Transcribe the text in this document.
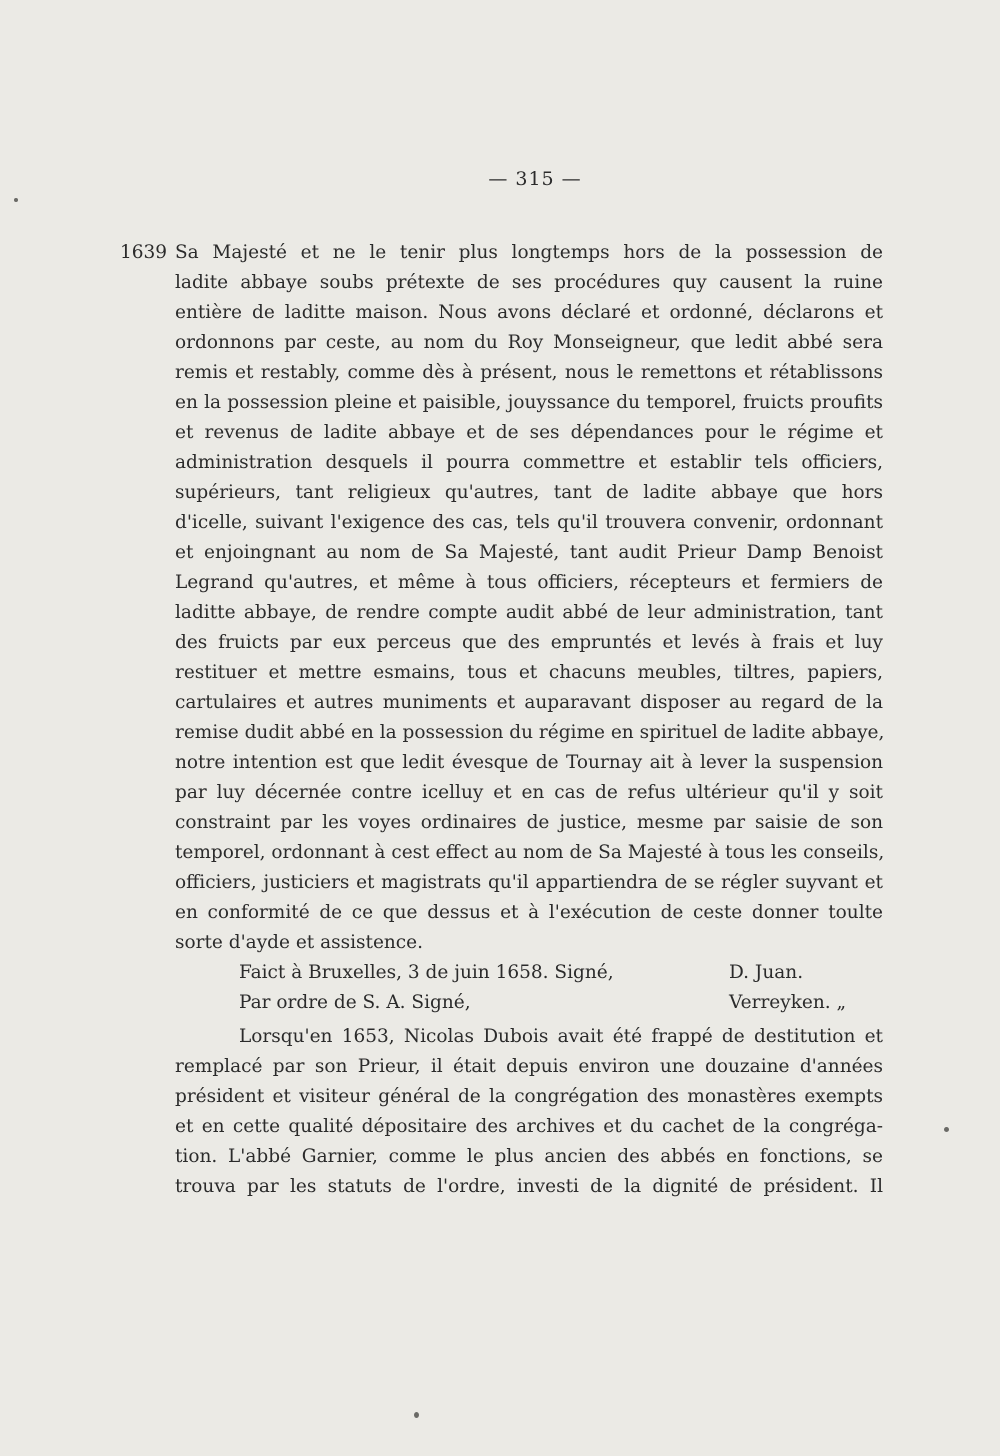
— 315 —
1639 Sa Majesté et ne le tenir plus longtemps hors de la possession de
ladite abbaye soubs prétexte de ses procédures quy causent la ruine
entière de laditte maison. Nous avons déclaré et ordonné, déclarons et
ordonnons par ceste, au nom du Roy Monseigneur, que ledit abbé sera
remis et restably, comme dès à présent, nous le remettons et rétablissons
en la possession pleine et paisible, jouyssance du temporel, fruicts proufits
et revenus de ladite abbaye et de ses dépendances pour le régime et
administration desquels il pourra commettre et establir tels officiers,
supérieurs, tant religieux qu'autres, tant de ladite abbaye que hors
d'icelle, suivant l'exigence des cas, tels qu'il trouvera convenir, ordonnant
et enjoingnant au nom de Sa Majesté, tant audit Prieur Damp Benoist
Legrand qu'autres, et même à tous officiers, récepteurs et fermiers de
laditte abbaye, de rendre compte audit abbé de leur administration, tant
des fruicts par eux perceus que des empruntés et levés à frais et luy
restituer et mettre esmains, tous et chacuns meubles, tiltres, papiers,
cartulaires et autres muniments et auparavant disposer au regard de la
remise dudit abbé en la possession du régime en spirituel de ladite abbaye,
notre intention est que ledit évesque de Tournay ait à lever la suspension
par luy décernée contre icelluy et en cas de refus ultérieur qu'il y soit
constraint par les voyes ordinaires de justice, mesme par saisie de son
temporel, ordonnant à cest effect au nom de Sa Majesté à tous les conseils,
officiers, justiciers et magistrats qu'il appartiendra de se régler suyvant et
en conformité de ce que dessus et à l'exécution de ceste donner toulte
sorte d'ayde et assistence.
Faict à Bruxelles, 3 de juin 1658. Signé,	D. Juan.
Par ordre de S. A. Signé,	Verreyken. „
Lorsqu'en 1653, Nicolas Dubois avait été frappé de destitution et
remplacé par son Prieur, il était depuis environ une douzaine d'années
président et visiteur général de la congrégation des monastères exempts
et en cette qualité dépositaire des archives et du cachet de la congréga-
tion. L'abbé Garnier, comme le plus ancien des abbés en fonctions, se
trouva par les statuts de l'ordre, investi de la dignité de président. Il
